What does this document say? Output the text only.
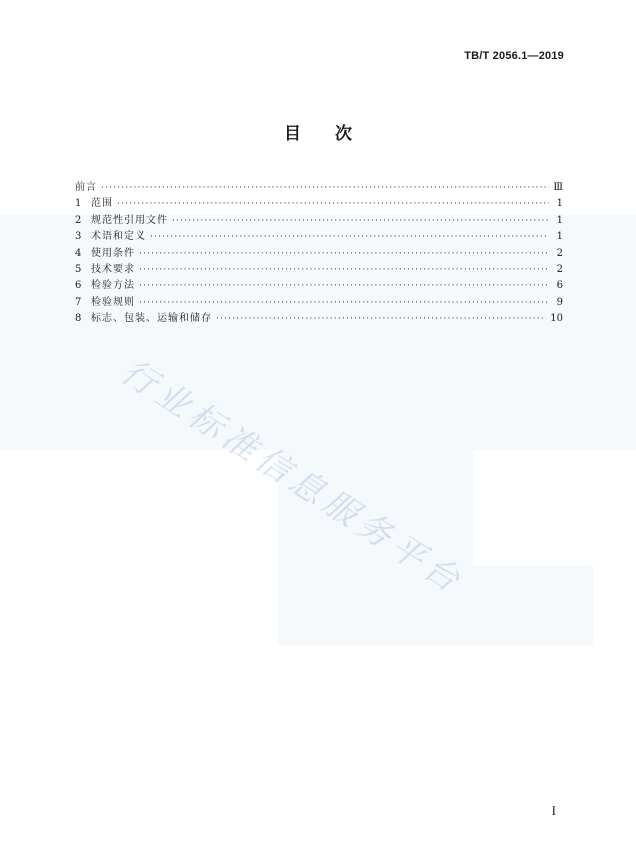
TB/T 2056.1—2019
目次
前言 ·····	Ⅲ
1 范围 ·····	1
2 规范性引用文件 ·····	1
3 术语和定义 ·····	1
4 使用条件 ·····	2
5 技术要求 ·····	2
6 检验方法 ·····	6
7 检验规则 ·····	9
8 标志、包装、运输和储存 ·····	10
行业标准信息服务平台
I
